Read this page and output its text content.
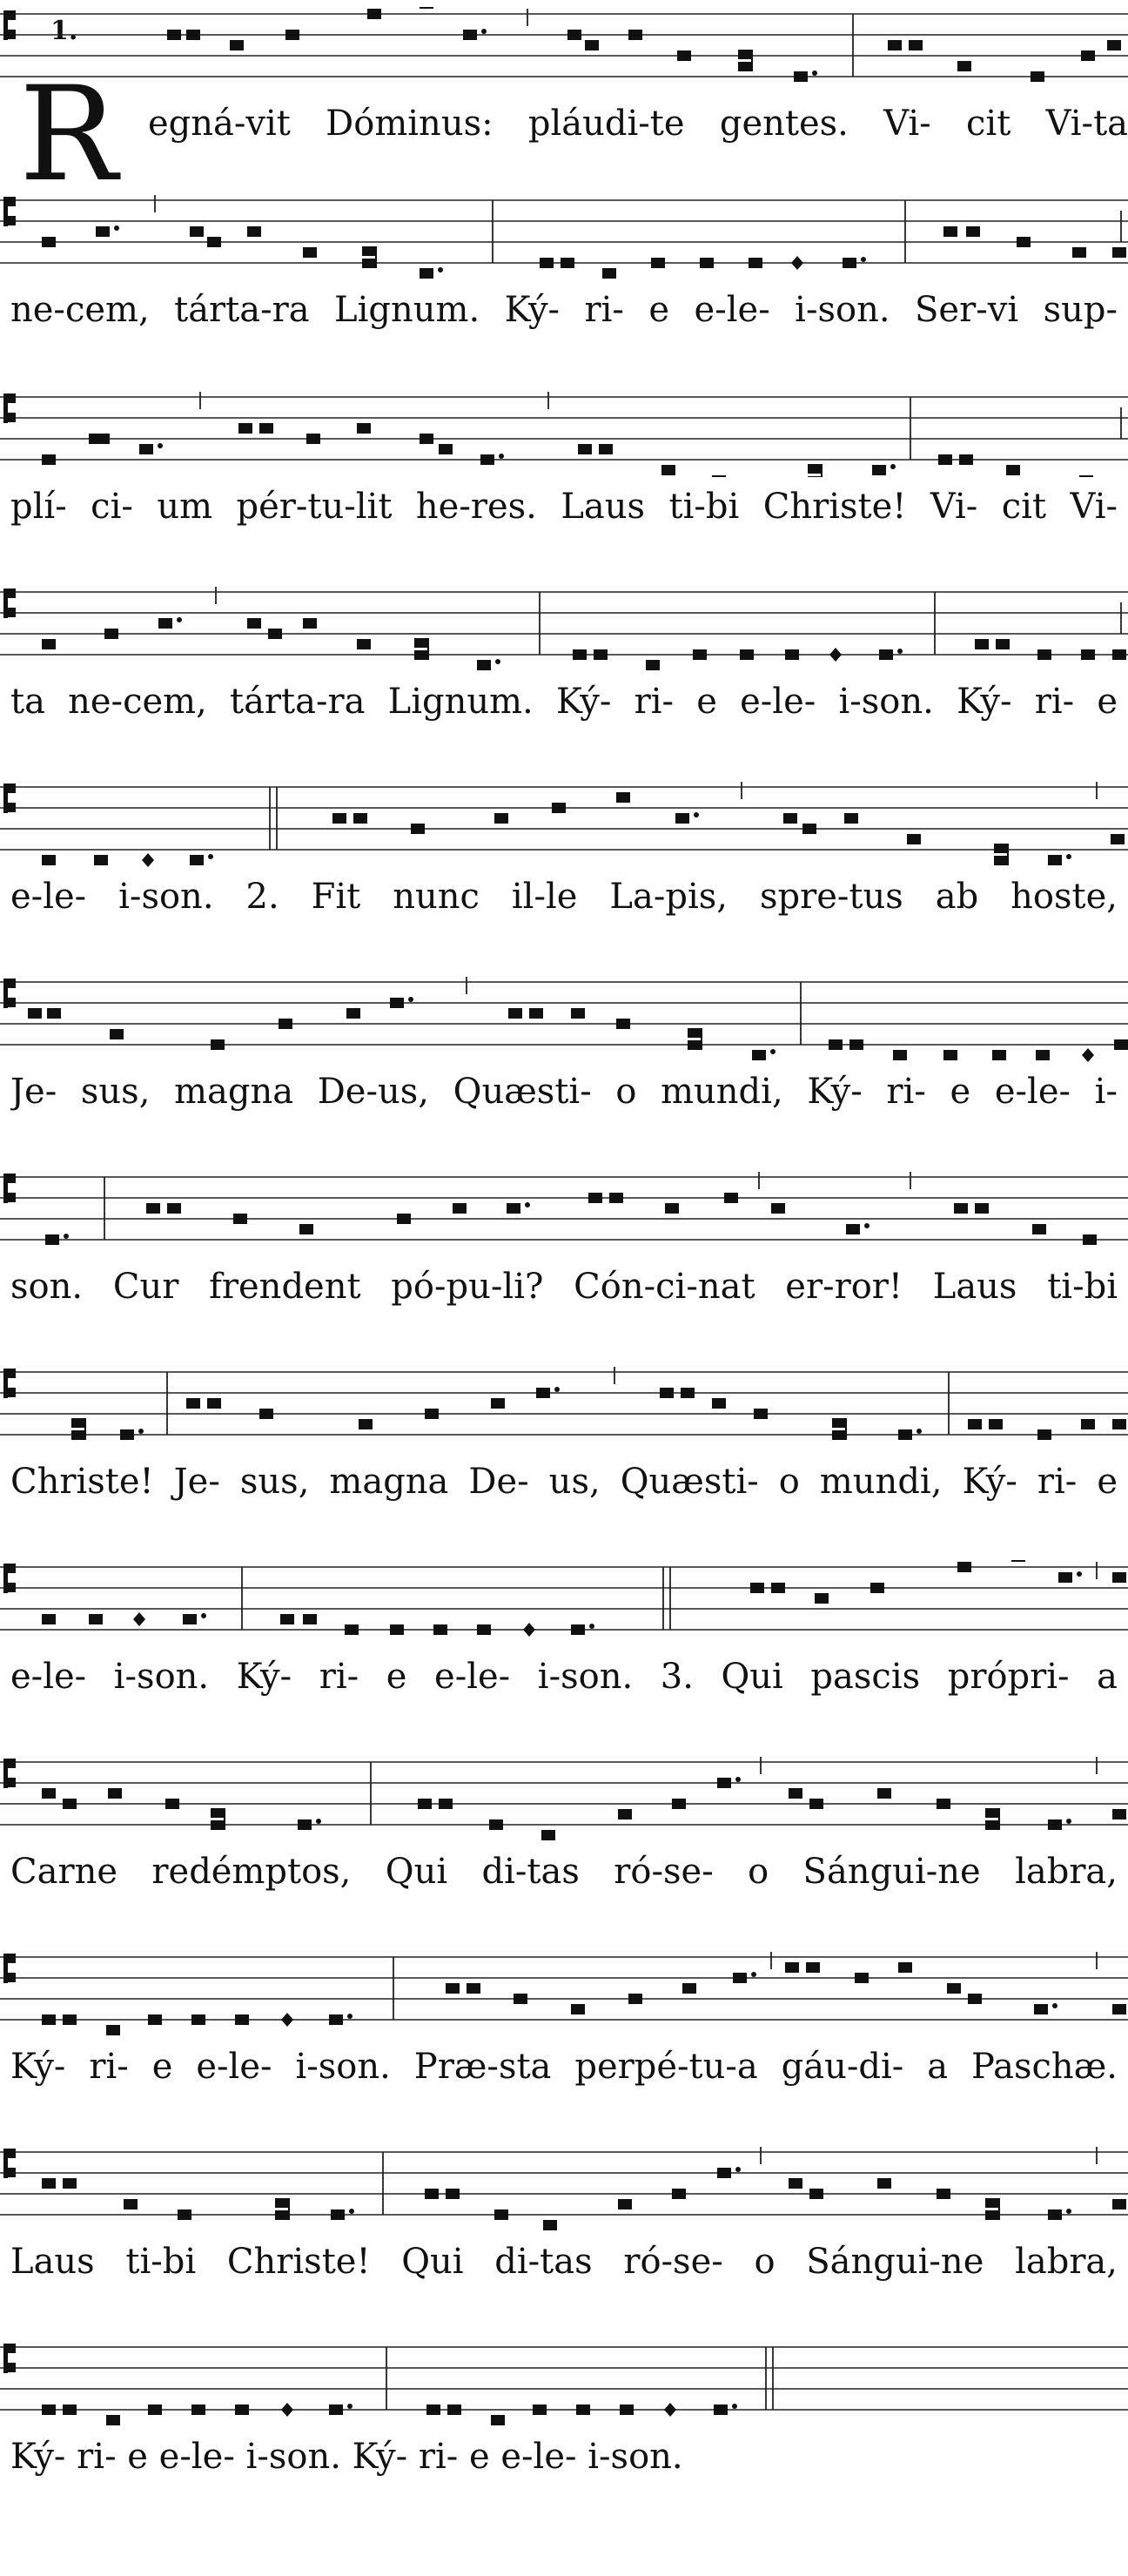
1.
R egná-vit Dóminus: pláudi-te gentes. Vi- cit Vi-ta
ne-cem, tárta-ra Lignum. Ký- ri- e e-le- i-son. Ser-vi sup-
plí- ci- um pér-tu-lit he-res. Laus ti-bi Christe! Vi- cit Vi-
ta ne-cem, tárta-ra Lignum. Ký- ri- e e-le- i-son. Ký- ri- e
e-le- i-son. 2. Fit nunc il-le La-pis, spre-tus ab hoste,
Je- sus, magna De-us, Quæsti- o mundi, Ký- ri- e e-le- i-
son. Cur frendent pó-pu-li? Cón-ci-nat er-ror! Laus ti-bi
Christe! Je- sus, magna De- us, Quæsti- o mundi, Ký- ri- e
e-le- i-son. Ký- ri- e e-le- i-son. 3. Qui pascis própri- a
Carne redémptos, Qui di-tas ró-se- o Sángui-ne labra,
Ký- ri- e e-le- i-son. Præ-sta perpé-tu-a gáu-di- a Paschæ.
Laus ti-bi Christe! Qui di-tas ró-se- o Sángui-ne labra,
Ký- ri- e e-le- i-son. Ký- ri- e e-le- i-son.
